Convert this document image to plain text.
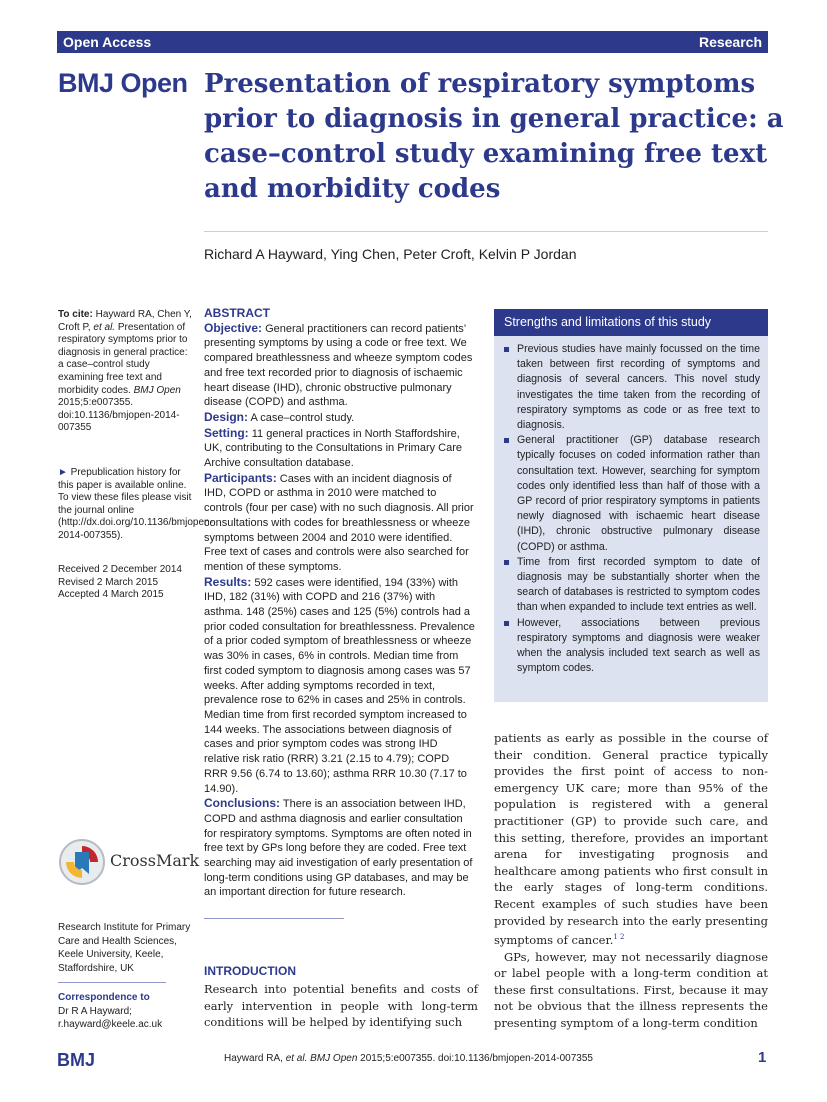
Open Access	Research
BMJ Open Presentation of respiratory symptoms prior to diagnosis in general practice: a case–control study examining free text and morbidity codes
Richard A Hayward, Ying Chen, Peter Croft, Kelvin P Jordan
To cite: Hayward RA, Chen Y, Croft P, et al. Presentation of respiratory symptoms prior to diagnosis in general practice: a case–control study examining free text and morbidity codes. BMJ Open 2015;5:e007355. doi:10.1136/bmjopen-2014-007355
► Prepublication history for this paper is available online. To view these files please visit the journal online (http://dx.doi.org/10.1136/bmjopen-2014-007355).
Received 2 December 2014
Revised 2 March 2015
Accepted 4 March 2015
CrossMark
Research Institute for Primary Care and Health Sciences, Keele University, Keele, Staffordshire, UK
Correspondence to
Dr R A Hayward;
r.hayward@keele.ac.uk

ABSTRACT

Objective: General practitioners can record patients’ presenting symptoms by using a code or free text. We compared breathlessness and wheeze symptom codes and free text recorded prior to diagnosis of ischaemic heart disease (IHD), chronic obstructive pulmonary disease (COPD) and asthma.

Design: A case–control study.

Setting: 11 general practices in North Staffordshire, UK, contributing to the Consultations in Primary Care Archive consultation database.

Participants: Cases with an incident diagnosis of IHD, COPD or asthma in 2010 were matched to controls (four per case) with no such diagnosis. All prior consultations with codes for breathlessness or wheeze symptoms between 2004 and 2010 were identified. Free text of cases and controls were also searched for mention of these symptoms.

Results: 592 cases were identified, 194 (33%) with IHD, 182 (31%) with COPD and 216 (37%) with asthma. 148 (25%) cases and 125 (5%) controls had a prior coded consultation for breathlessness. Prevalence of a prior coded symptom of breathlessness or wheeze was 30% in cases, 6% in controls. Median time from first coded symptom to diagnosis among cases was 57 weeks. After adding symptoms recorded in text, prevalence rose to 62% in cases and 25% in controls. Median time from first recorded symptom increased to 144 weeks. The associations between diagnosis of cases and prior symptom codes was strong IHD relative risk ratio (RRR) 3.21 (2.15 to 4.79); COPD RRR 9.56 (6.74 to 13.60); asthma RRR 10.30 (7.17 to 14.90).

Conclusions: There is an association between IHD, COPD and asthma diagnosis and earlier consultation for respiratory symptoms. Symptoms are often noted in free text by GPs long before they are coded. Free text searching may aid investigation of early presentation of long-term conditions using GP databases, and may be an important direction for future research.

INTRODUCTION
Research into potential benefits and costs of early intervention in people with long-term conditions will be helped by identifying such
Strengths and limitations of this study
Previous studies have mainly focussed on the time taken between first recording of symptoms and diagnosis of several cancers. This novel study investigates the time taken from the recording of respiratory symptoms as code or as free text to diagnosis.
General practitioner (GP) database research typically focuses on coded information rather than consultation text. However, searching for symptom codes only identified less than half of those with a GP record of prior respiratory symptoms in patients newly diagnosed with ischaemic heart disease (IHD), chronic obstructive pulmonary disease (COPD) or asthma.
Time from first recorded symptom to date of diagnosis may be substantially shorter when the search of databases is restricted to symptom codes than when expanded to include text entries as well.
However, associations between previous respiratory symptoms and diagnosis were weaker when the analysis included text search as well as symptom codes.

patients as early as possible in the course of their condition. General practice typically provides the first point of access to non-emergency UK care; more than 95% of the population is registered with a general practitioner (GP) to provide such care, and this setting, therefore, provides an important arena for investigating prognosis and healthcare among patients who first consult in the early stages of long-term conditions. Recent examples of such studies have been provided by research into the early presenting symptoms of cancer.$^{1 2}$

GPs, however, may not necessarily diagnose or label people with a long-term condition at these first consultations. First, because it may not be obvious that the illness represents the presenting symptom of a long-term condition

BMJ	Hayward RA, et al. BMJ Open 2015;5:e007355. doi:10.1136/bmjopen-2014-007355	1
